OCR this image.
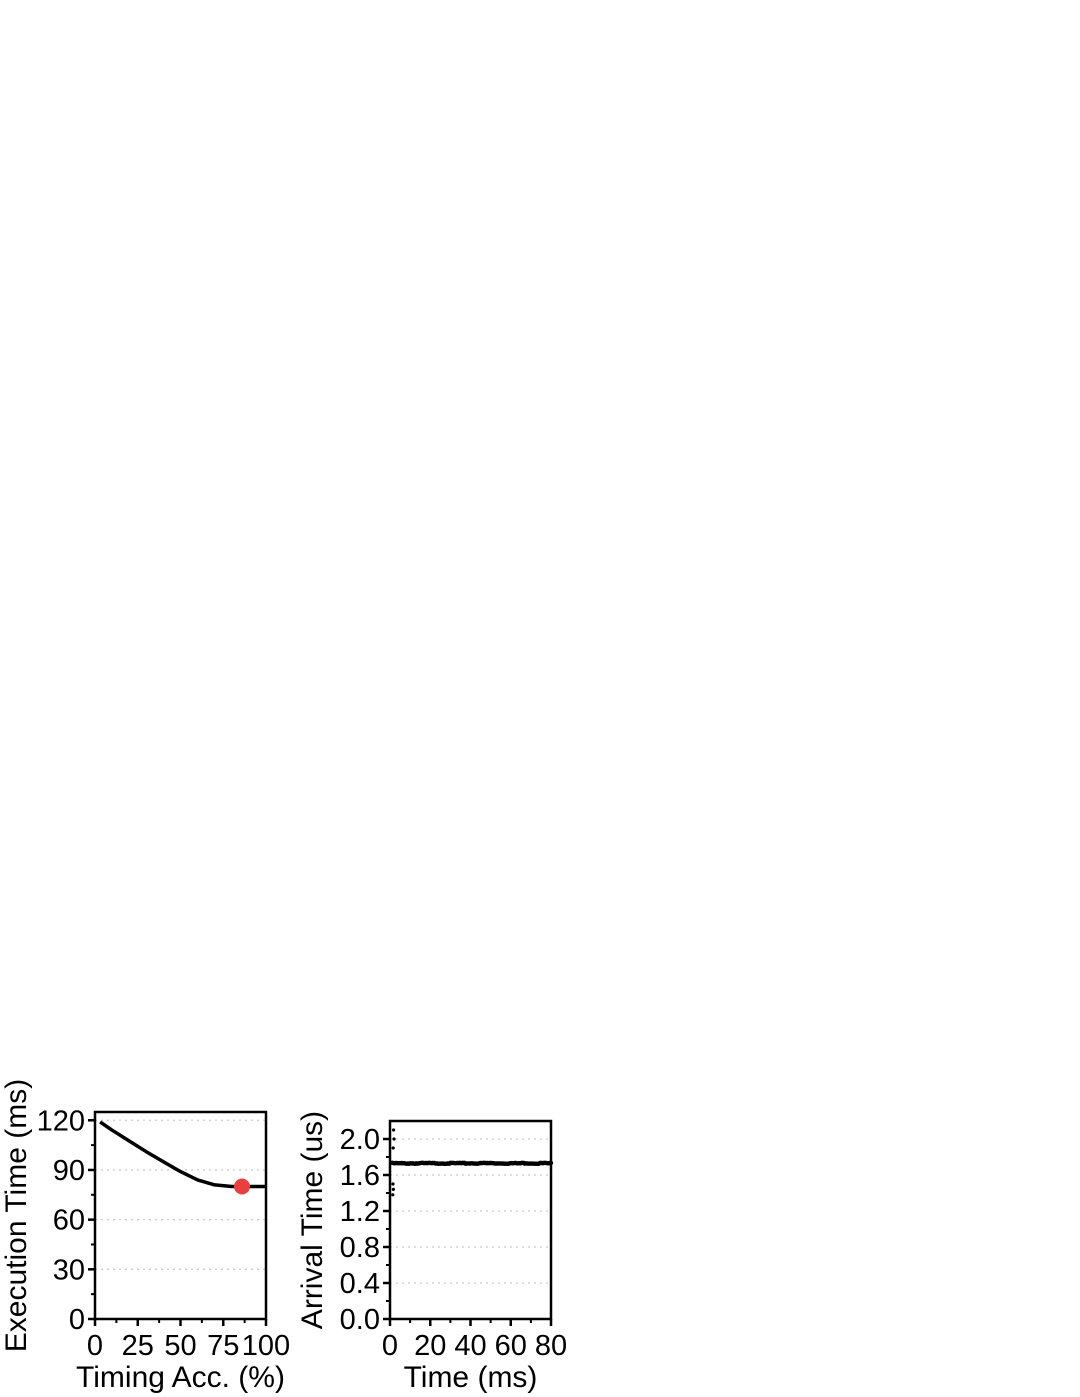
0
30
60
90
120
0 25 50 75 100
Timing Acc. (%)
Execution Time (ms)	0.0
0.4
0.8
1.2
1.6
2.0
0 20 40 60 80
Time (ms)
Arrival Time (us)
